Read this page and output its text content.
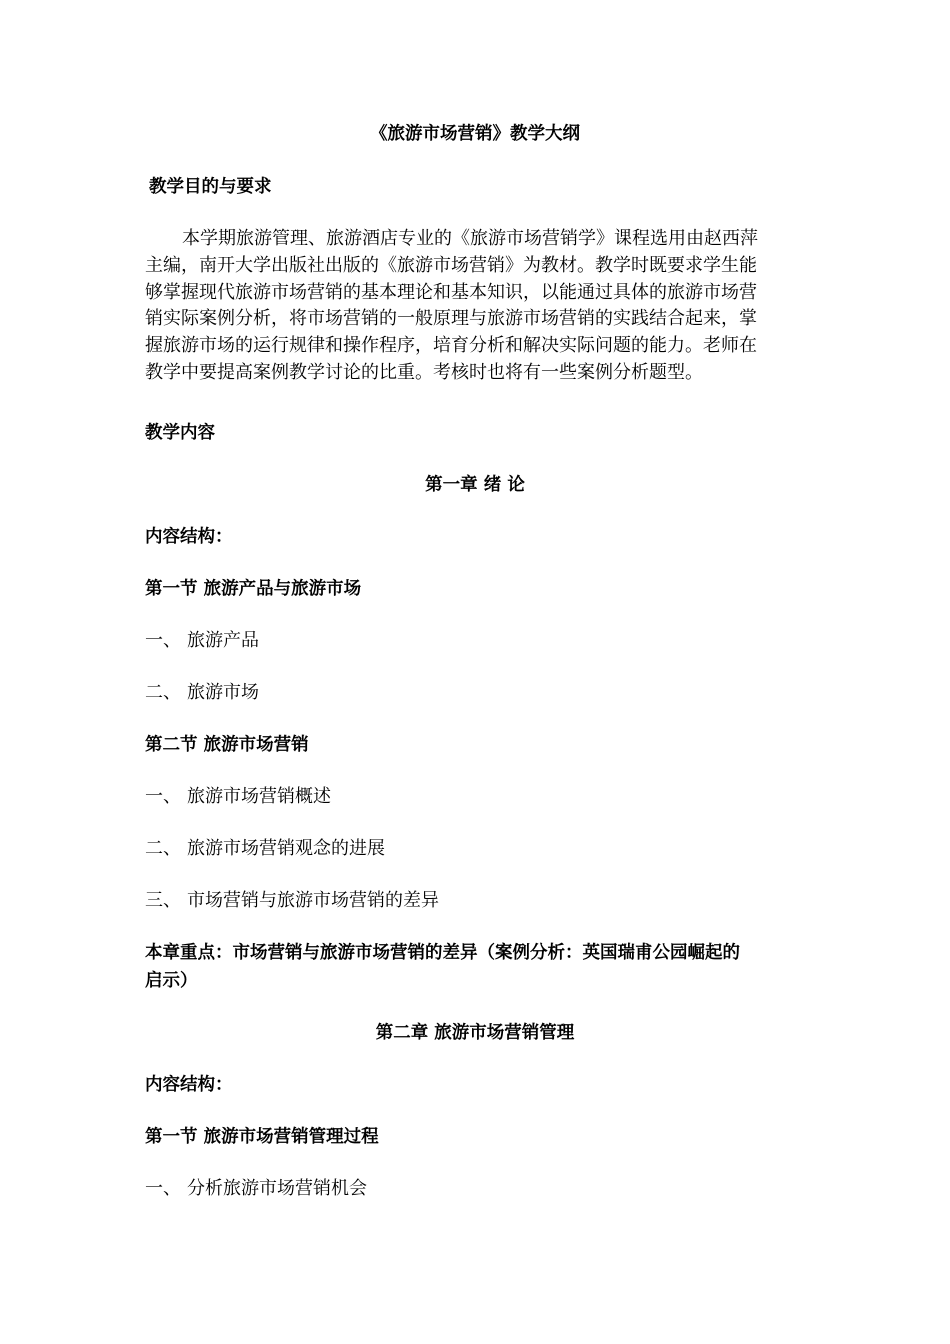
《旅游市场营销》教学大纲
教学目的与要求
本学期旅游管理、旅游酒店专业的《旅游市场营销学》课程选用由赵西萍
主编，南开大学出版社出版的《旅游市场营销》为教材。教学时既要求学生能
够掌握现代旅游市场营销的基本理论和基本知识，以能通过具体的旅游市场营
销实际案例分析，将市场营销的一般原理与旅游市场营销的实践结合起来，掌
握旅游市场的运行规律和操作程序，培育分析和解决实际问题的能力。老师在
教学中要提高案例教学讨论的比重。考核时也将有一些案例分析题型。
教学内容
第一章 绪 论
内容结构：
第一节 旅游产品与旅游市场
一、 旅游产品
二、 旅游市场
第二节 旅游市场营销
一、 旅游市场营销概述
二、 旅游市场营销观念的进展
三、 市场营销与旅游市场营销的差异
本章重点：市场营销与旅游市场营销的差异（案例分析：英国瑞甫公园崛起的
启示）
第二章 旅游市场营销管理
内容结构：
第一节 旅游市场营销管理过程
一、 分析旅游市场营销机会
